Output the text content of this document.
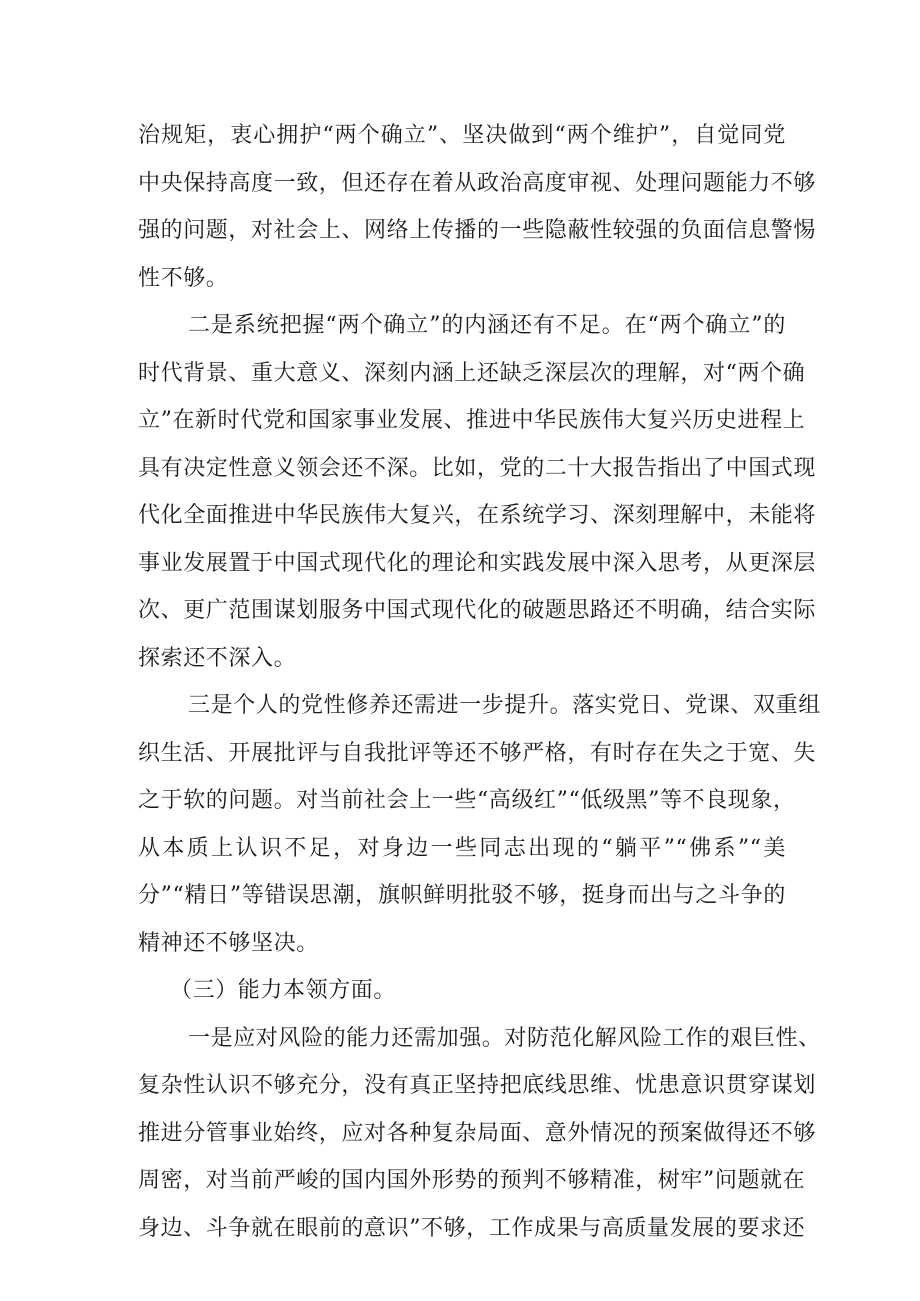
治规矩，衷心拥护“两个确立”、坚决做到“两个维护”，自觉同党
中央保持高度一致，但还存在着从政治高度审视、处理问题能力不够
强的问题，对社会上、网络上传播的一些隐蔽性较强的负面信息警惕
性不够。
二是系统把握“两个确立”的内涵还有不足。在“两个确立”的
时代背景、重大意义、深刻内涵上还缺乏深层次的理解，对“两个确
立”在新时代党和国家事业发展、推进中华民族伟大复兴历史进程上
具有决定性意义领会还不深。比如，党的二十大报告指出了中国式现
代化全面推进中华民族伟大复兴，在系统学习、深刻理解中，未能将
事业发展置于中国式现代化的理论和实践发展中深入思考，从更深层
次、更广范围谋划服务中国式现代化的破题思路还不明确，结合实际
探索还不深入。
三是个人的党性修养还需进一步提升。落实党日、党课、双重组
织生活、开展批评与自我批评等还不够严格，有时存在失之于宽、失
之于软的问题。对当前社会上一些“高级红”“低级黑”等不良现象，
从本质上认识不足，对身边一些同志出现的“躺平”“佛系”“美
分”“精日”等错误思潮，旗帜鲜明批驳不够，挺身而出与之斗争的
精神还不够坚决。
（三）能力本领方面。
一是应对风险的能力还需加强。对防范化解风险工作的艰巨性、
复杂性认识不够充分，没有真正坚持把底线思维、忧患意识贯穿谋划
推进分管事业始终，应对各种复杂局面、意外情况的预案做得还不够
周密，对当前严峻的国内国外形势的预判不够精准，树牢”问题就在
身边、斗争就在眼前的意识”不够，工作成果与高质量发展的要求还
